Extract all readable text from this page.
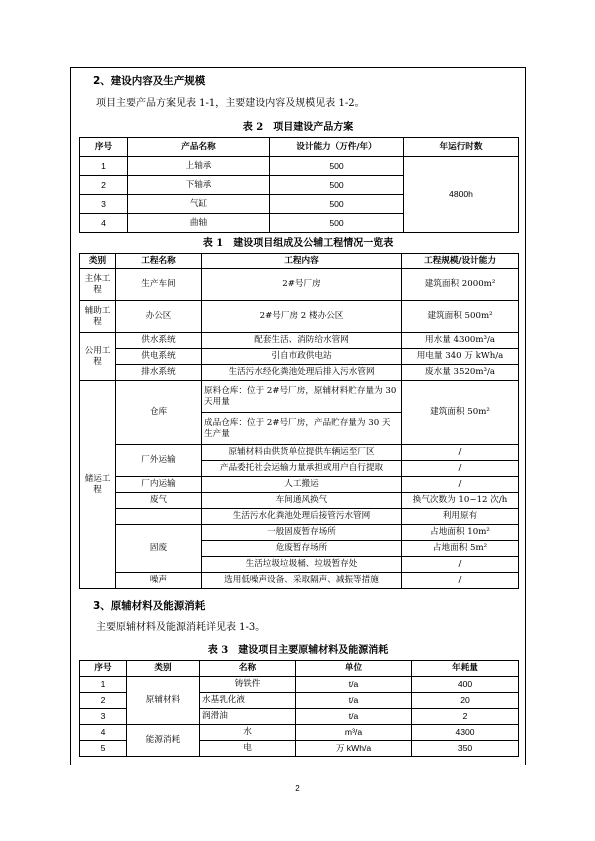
2、建设内容及生产规模
项目主要产品方案见表 1-1，主要建设内容及规模见表 1-2。
表 2　项目建设产品方案
序号	产品名称	设计能力（万件/年）	年运行时数
1	上轴承	500	4800h
2	下轴承	500	
3	气缸	500	
4	曲轴	500	
表 1　建设项目组成及公辅工程情况一览表
类别	工程名称	工程内容	工程规模/设计能力
主体工程	生产车间	2#号厂房	建筑面积 2000m²
辅助工程	办公区	2#号厂房 2 楼办公区	建筑面积 500m²
公用工程	供水系统	配套生活、消防给水管网	用水量 4300m³/a
	供电系统	引自市政供电站	用电量 340 万 kWh/a
	排水系统	生活污水经化粪池处理后排入污水管网	废水量 3520m³/a
储运工程	仓库	原料仓库：位于 2#号厂房，原辅材料贮存量为 30 天用量	建筑面积 50m²
		成品仓库：位于 2#号厂房，产品贮存量为 30 天生产量	
	厂外运输	原辅材料由供货单位提供车辆运至厂区	/
		产品委托社会运输力量承担或用户自行提取	/
	厂内运输	人工搬运	/
	废气	车间通风换气	换气次数为 10~12 次/h
		生活污水化粪池处理后接管污水管网	利用原有
	固废	一般固废暂存场所	占地面积 10m²
		危废暂存场所	占地面积 5m²
		生活垃圾垃圾桶、垃圾暂存处	/
	噪声	选用低噪声设备、采取隔声、减振等措施	/
3、原辅材料及能源消耗
主要原辅材料及能源消耗详见表 1-3。
表 3　建设项目主要原辅材料及能源消耗
序号	类别	名称	单位	年耗量
1	原辅材料	铸铁件	t/a	400
2		水基乳化液	t/a	20
3		润滑油	t/a	2
4	能源消耗	水	m³/a	4300
5		电	万 kWh/a	350
2
